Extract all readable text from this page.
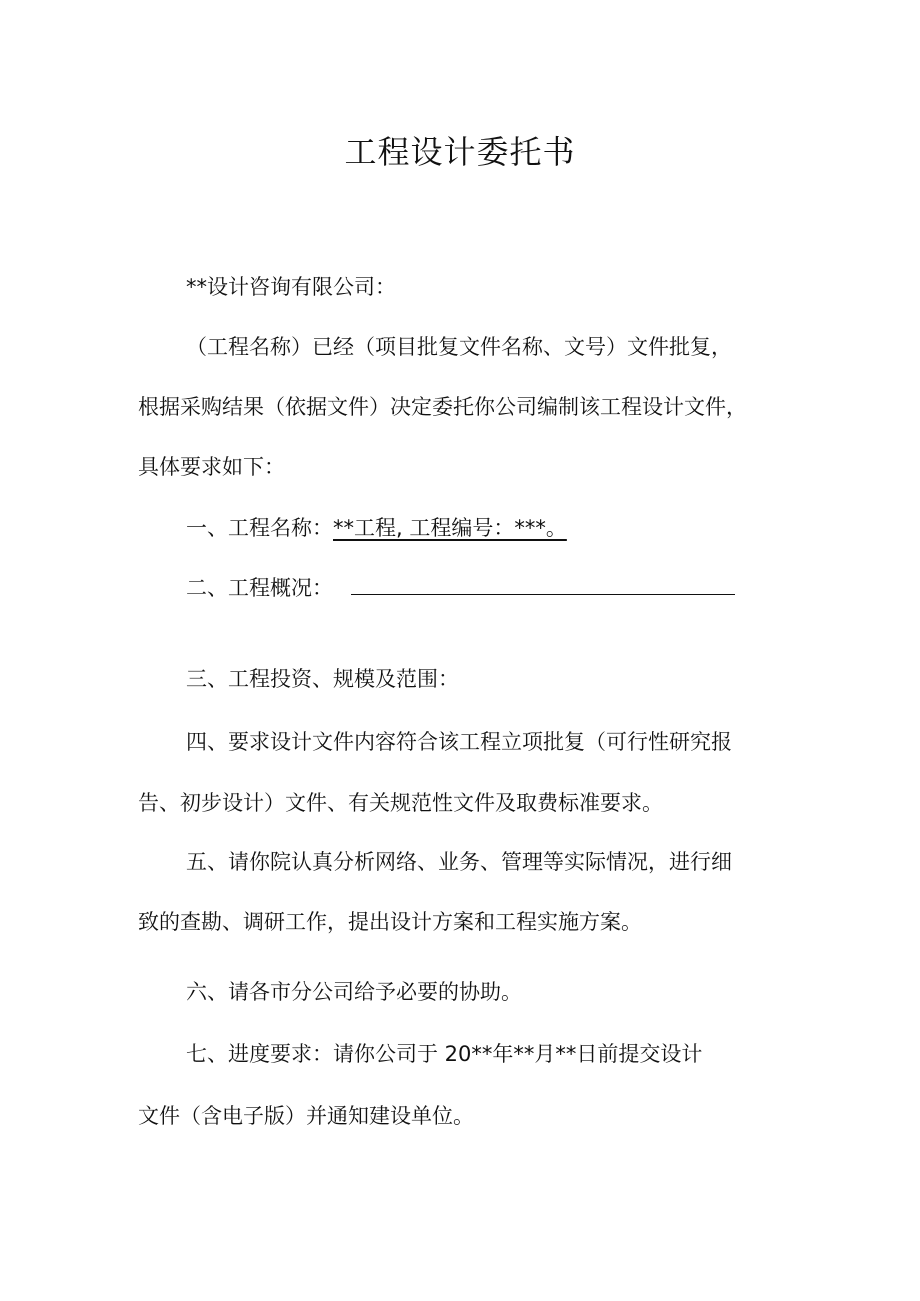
工程设计委托书
**设计咨询有限公司：
（工程名称）已经（项目批复文件名称、文号）文件批复，
根据采购结果（依据文件）决定委托你公司编制该工程设计文件，
具体要求如下：
一、工程名称：**工程, 工程编号：***。
二、工程概况：
三、工程投资、规模及范围：
四、要求设计文件内容符合该工程立项批复（可行性研究报
告、初步设计）文件、有关规范性文件及取费标准要求。
五、请你院认真分析网络、业务、管理等实际情况，进行细
致的查勘、调研工作，提出设计方案和工程实施方案。
六、请各市分公司给予必要的协助。
七、进度要求：请你公司于 20**年**月**日前提交设计
文件（含电子版）并通知建设单位。
